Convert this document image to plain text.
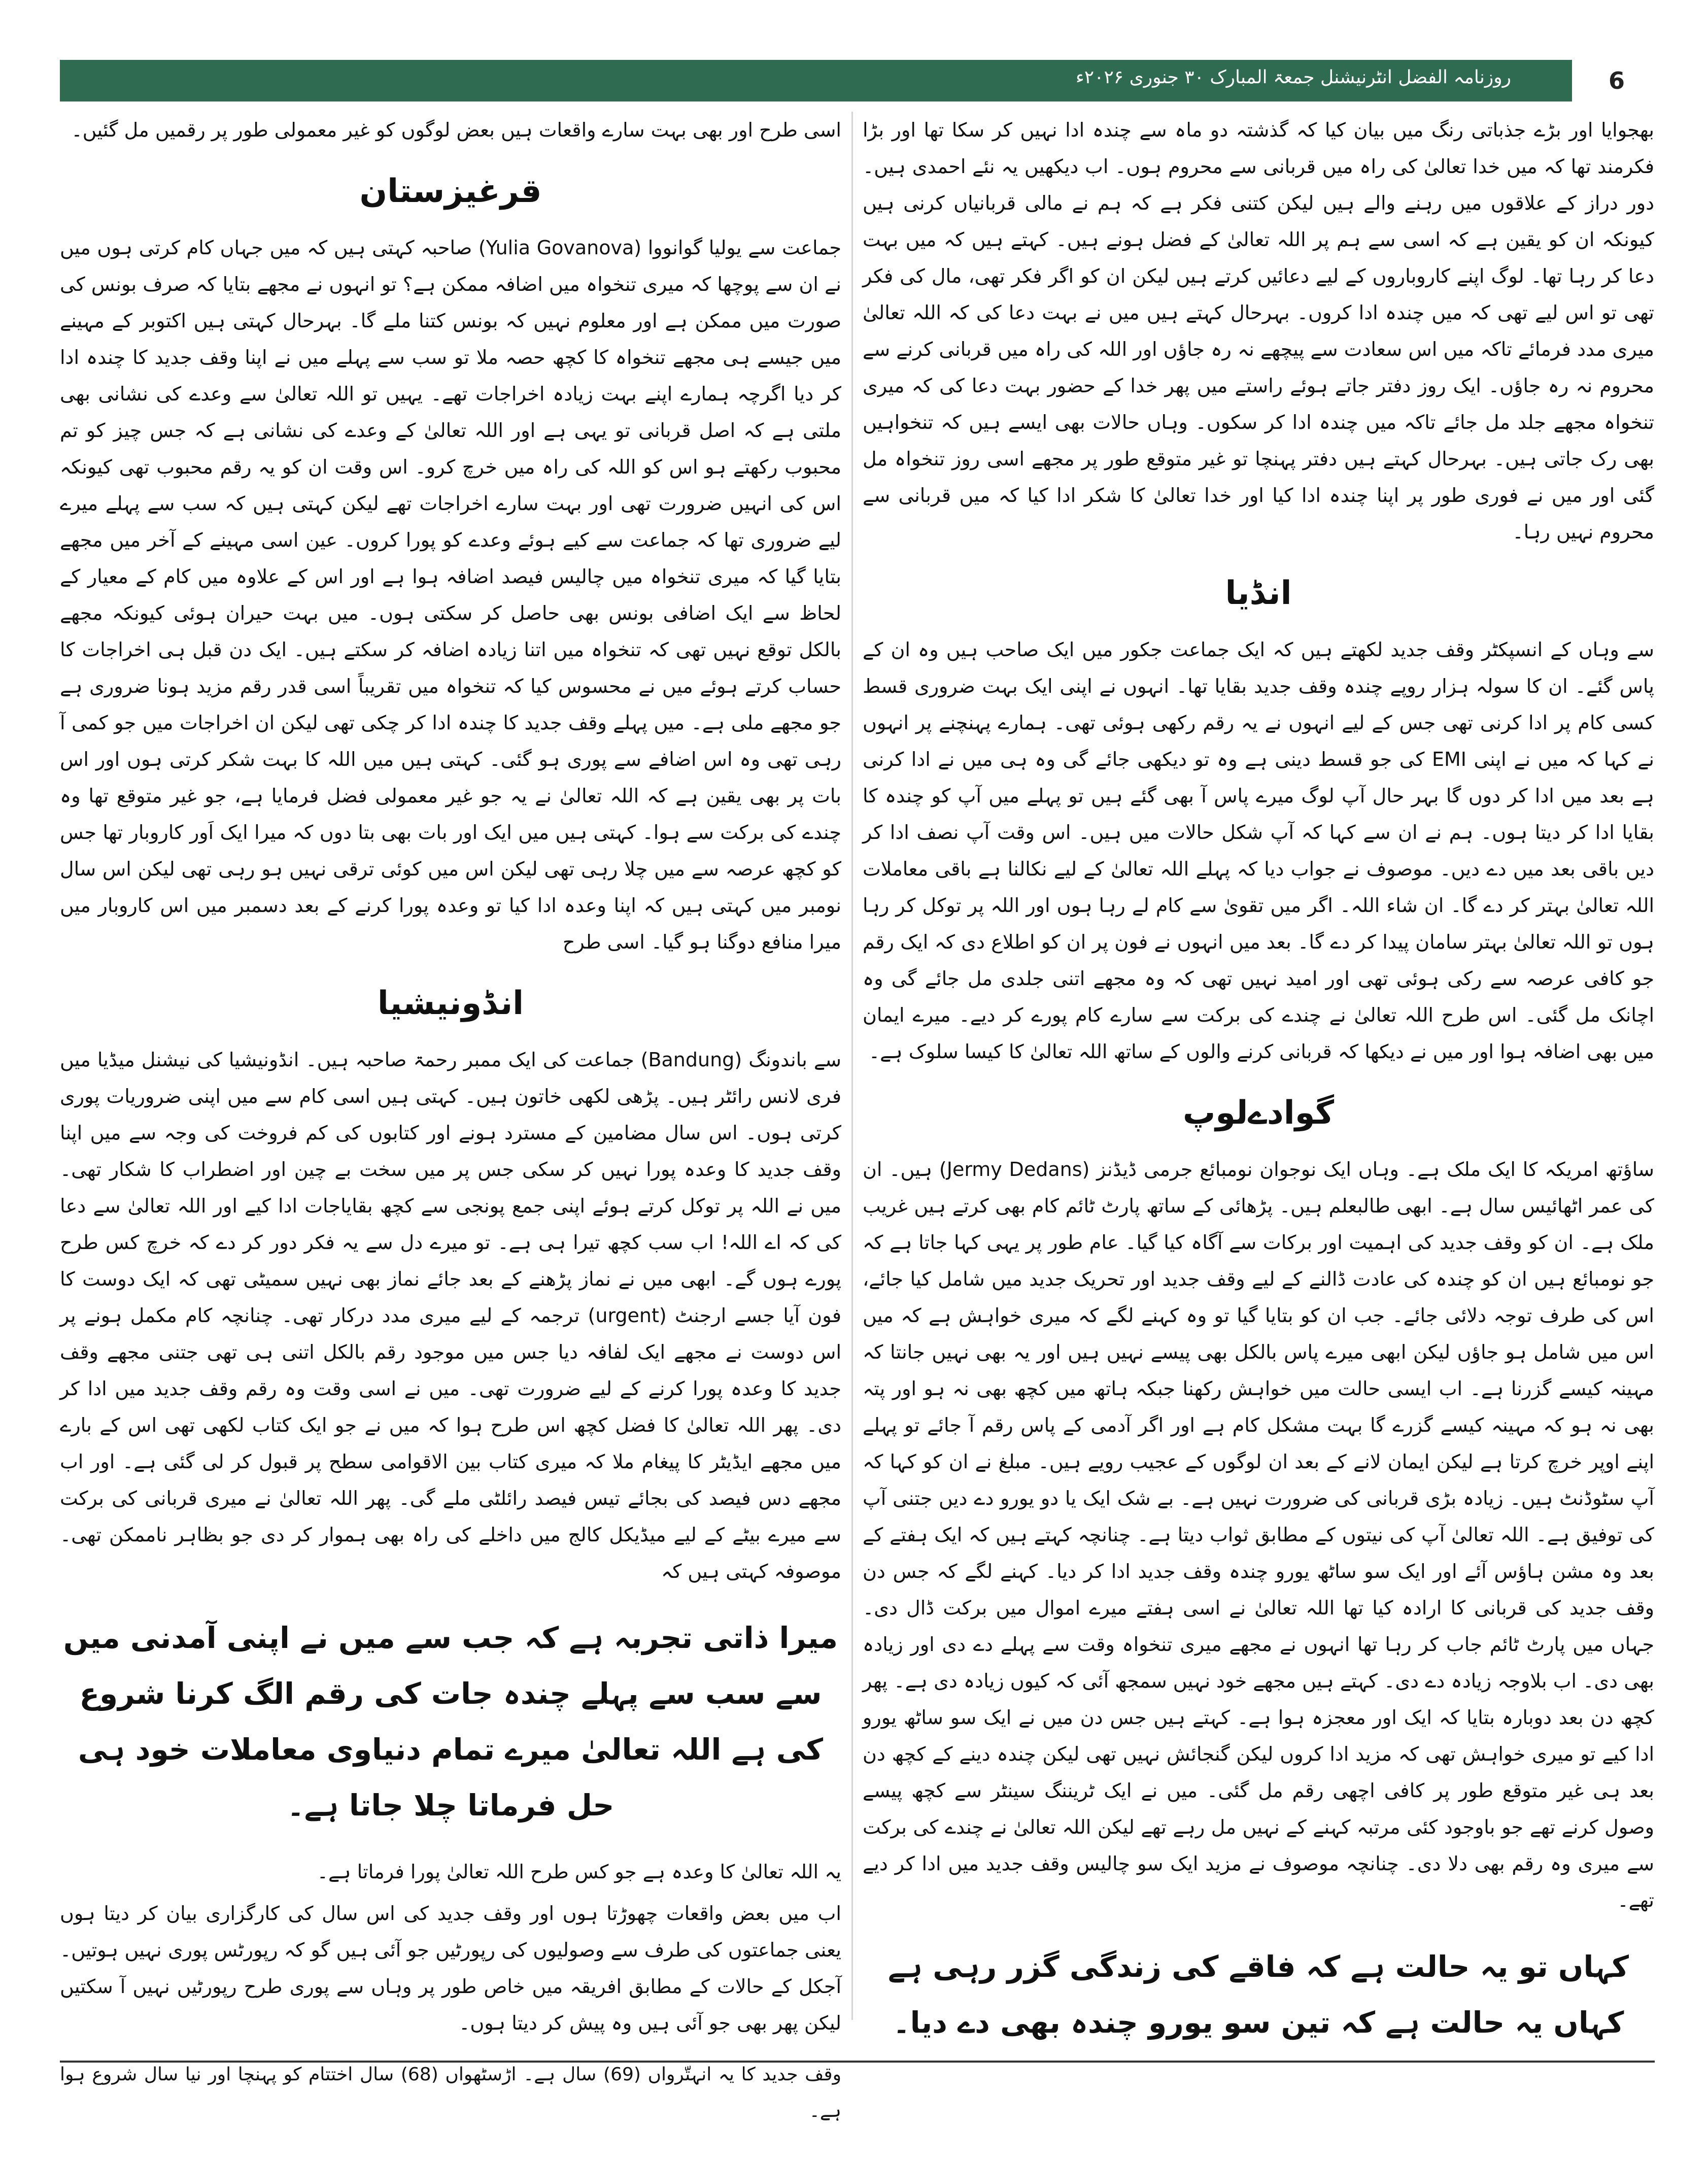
روزنامہ الفضل انٹرنیشنل جمعۃ المبارک ۳۰ جنوری ۲۰۲۶ء	6

بھجوایا اور بڑے جذباتی رنگ میں بیان کیا کہ گذشتہ دو ماہ سے چندہ ادا نہیں کر سکا تھا اور بڑا فکرمند تھا کہ میں خدا تعالیٰ کی راہ میں قربانی سے محروم ہوں۔ اب دیکھیں یہ نئے احمدی ہیں۔ دور دراز کے علاقوں میں رہنے والے ہیں لیکن کتنی فکر ہے کہ ہم نے مالی قربانیاں کرنی ہیں کیونکہ ان کو یقین ہے کہ اسی سے ہم پر اللہ تعالیٰ کے فضل ہونے ہیں۔ کہتے ہیں کہ میں بہت دعا کر رہا تھا۔ لوگ اپنے کاروباروں کے لیے دعائیں کرتے ہیں لیکن ان کو اگر فکر تھی، مال کی فکر تھی تو اس لیے تھی کہ میں چندہ ادا کروں۔ بہرحال کہتے ہیں میں نے بہت دعا کی کہ اللہ تعالیٰ میری مدد فرمائے تاکہ میں اس سعادت سے پیچھے نہ رہ جاؤں اور اللہ کی راہ میں قربانی کرنے سے محروم نہ رہ جاؤں۔ ایک روز دفتر جاتے ہوئے راستے میں پھر خدا کے حضور بہت دعا کی کہ میری تنخواہ مجھے جلد مل جائے تاکہ میں چندہ ادا کر سکوں۔ وہاں حالات بھی ایسے ہیں کہ تنخواہیں بھی رک جاتی ہیں۔ بہرحال کہتے ہیں دفتر پہنچا تو غیر متوقع طور پر مجھے اسی روز تنخواہ مل گئی اور میں نے فوری طور پر اپنا چندہ ادا کیا اور خدا تعالیٰ کا شکر ادا کیا کہ میں قربانی سے محروم نہیں رہا۔

انڈیا

سے وہاں کے انسپکٹر وقف جدید لکھتے ہیں کہ ایک جماعت جکور میں ایک صاحب ہیں وہ ان کے پاس گئے۔ ان کا سولہ ہزار روپے چندہ وقف جدید بقایا تھا۔ انہوں نے اپنی ایک بہت ضروری قسط کسی کام پر ادا کرنی تھی جس کے لیے انہوں نے یہ رقم رکھی ہوئی تھی۔ ہمارے پہنچنے پر انہوں نے کہا کہ میں نے اپنی EMI کی جو قسط دینی ہے وہ تو دیکھی جائے گی وہ ہی میں نے ادا کرنی ہے بعد میں ادا کر دوں گا بہر حال آپ لوگ میرے پاس آ بھی گئے ہیں تو پہلے میں آپ کو چندہ کا بقایا ادا کر دیتا ہوں۔ ہم نے ان سے کہا کہ آپ شکل حالات میں ہیں۔ اس وقت آپ نصف ادا کر دیں باقی بعد میں دے دیں۔ موصوف نے جواب دیا کہ پہلے اللہ تعالیٰ کے لیے نکالنا ہے باقی معاملات اللہ تعالیٰ بہتر کر دے گا۔ ان شاء اللہ۔ اگر میں تقویٰ سے کام لے رہا ہوں اور اللہ پر توکل کر رہا ہوں تو اللہ تعالیٰ بہتر سامان پیدا کر دے گا۔ بعد میں انہوں نے فون پر ان کو اطلاع دی کہ ایک رقم جو کافی عرصہ سے رکی ہوئی تھی اور امید نہیں تھی کہ وہ مجھے اتنی جلدی مل جائے گی وہ اچانک مل گئی۔ اس طرح اللہ تعالیٰ نے چندے کی برکت سے سارے کام پورے کر دیے۔ میرے ایمان میں بھی اضافہ ہوا اور میں نے دیکھا کہ قربانی کرنے والوں کے ساتھ اللہ تعالیٰ کا کیسا سلوک ہے۔

گوادےلوپ

ساؤتھ امریکہ کا ایک ملک ہے۔ وہاں ایک نوجوان نومبائع جرمی ڈیڈنز (Jermy Dedans) ہیں۔ ان کی عمر اٹھائیس سال ہے۔ ابھی طالبعلم ہیں۔ پڑھائی کے ساتھ پارٹ ٹائم کام بھی کرتے ہیں غریب ملک ہے۔ ان کو وقف جدید کی اہمیت اور برکات سے آگاہ کیا گیا۔ عام طور پر یہی کہا جاتا ہے کہ جو نومبائع ہیں ان کو چندہ کی عادت ڈالنے کے لیے وقف جدید اور تحریک جدید میں شامل کیا جائے، اس کی طرف توجہ دلائی جائے۔ جب ان کو بتایا گیا تو وہ کہنے لگے کہ میری خواہش ہے کہ میں اس میں شامل ہو جاؤں لیکن ابھی میرے پاس بالکل بھی پیسے نہیں ہیں اور یہ بھی نہیں جانتا کہ مہینہ کیسے گزرنا ہے۔ اب ایسی حالت میں خواہش رکھنا جبکہ ہاتھ میں کچھ بھی نہ ہو اور پتہ بھی نہ ہو کہ مہینہ کیسے گزرے گا بہت مشکل کام ہے اور اگر آدمی کے پاس رقم آ جائے تو پہلے اپنے اوپر خرچ کرتا ہے لیکن ایمان لانے کے بعد ان لوگوں کے عجیب رویے ہیں۔ مبلغ نے ان کو کہا کہ آپ سٹوڈنٹ ہیں۔ زیادہ بڑی قربانی کی ضرورت نہیں ہے۔ بے شک ایک یا دو یورو دے دیں جتنی آپ کی توفیق ہے۔ اللہ تعالیٰ آپ کی نیتوں کے مطابق ثواب دیتا ہے۔ چنانچہ کہتے ہیں کہ ایک ہفتے کے بعد وہ مشن ہاؤس آئے اور ایک سو ساٹھ یورو چندہ وقف جدید ادا کر دیا۔ کہنے لگے کہ جس دن وقف جدید کی قربانی کا ارادہ کیا تھا اللہ تعالیٰ نے اسی ہفتے میرے اموال میں برکت ڈال دی۔ جہاں میں پارٹ ٹائم جاب کر رہا تھا انہوں نے مجھے میری تنخواہ وقت سے پہلے دے دی اور زیادہ بھی دی۔ اب بلاوجہ زیادہ دے دی۔ کہتے ہیں مجھے خود نہیں سمجھ آئی کہ کیوں زیادہ دی ہے۔ پھر کچھ دن بعد دوبارہ بتایا کہ ایک اور معجزہ ہوا ہے۔ کہتے ہیں جس دن میں نے ایک سو ساٹھ یورو ادا کیے تو میری خواہش تھی کہ مزید ادا کروں لیکن گنجائش نہیں تھی لیکن چندہ دینے کے کچھ دن بعد ہی غیر متوقع طور پر کافی اچھی رقم مل گئی۔ میں نے ایک ٹریننگ سینٹر سے کچھ پیسے وصول کرنے تھے جو باوجود کئی مرتبہ کہنے کے نہیں مل رہے تھے لیکن اللہ تعالیٰ نے چندے کی برکت سے میری وہ رقم بھی دلا دی۔ چنانچہ موصوف نے مزید ایک سو چالیس وقف جدید میں ادا کر دیے تھے۔

کہاں تو یہ حالت ہے کہ فاقے کی زندگی گزر رہی ہے
کہاں یہ حالت ہے کہ تین سو یورو چندہ بھی دے دیا۔

اسی طرح اور بھی بہت سارے واقعات ہیں بعض لوگوں کو غیر معمولی طور پر رقمیں مل گئیں۔

قرغیزستان

جماعت سے یولیا گوانووا (Yulia Govanova) صاحبہ کہتی ہیں کہ میں جہاں کام کرتی ہوں میں نے ان سے پوچھا کہ میری تنخواہ میں اضافہ ممکن ہے؟ تو انہوں نے مجھے بتایا کہ صرف بونس کی صورت میں ممکن ہے اور معلوم نہیں کہ بونس کتنا ملے گا۔ بہرحال کہتی ہیں اکتوبر کے مہینے میں جیسے ہی مجھے تنخواہ کا کچھ حصہ ملا تو سب سے پہلے میں نے اپنا وقف جدید کا چندہ ادا کر دیا اگرچہ ہمارے اپنے بہت زیادہ اخراجات تھے۔ یہیں تو اللہ تعالیٰ سے وعدے کی نشانی بھی ملتی ہے کہ اصل قربانی تو یہی ہے اور اللہ تعالیٰ کے وعدے کی نشانی ہے کہ جس چیز کو تم محبوب رکھتے ہو اس کو اللہ کی راہ میں خرچ کرو۔ اس وقت ان کو یہ رقم محبوب تھی کیونکہ اس کی انہیں ضرورت تھی اور بہت سارے اخراجات تھے لیکن کہتی ہیں کہ سب سے پہلے میرے لیے ضروری تھا کہ جماعت سے کیے ہوئے وعدے کو پورا کروں۔ عین اسی مہینے کے آخر میں مجھے بتایا گیا کہ میری تنخواہ میں چالیس فیصد اضافہ ہوا ہے اور اس کے علاوہ میں کام کے معیار کے لحاظ سے ایک اضافی بونس بھی حاصل کر سکتی ہوں۔ میں بہت حیران ہوئی کیونکہ مجھے بالکل توقع نہیں تھی کہ تنخواہ میں اتنا زیادہ اضافہ کر سکتے ہیں۔ ایک دن قبل ہی اخراجات کا حساب کرتے ہوئے میں نے محسوس کیا کہ تنخواہ میں تقریباً اسی قدر رقم مزید ہونا ضروری ہے جو مجھے ملی ہے۔ میں پہلے وقف جدید کا چندہ ادا کر چکی تھی لیکن ان اخراجات میں جو کمی آ رہی تھی وہ اس اضافے سے پوری ہو گئی۔ کہتی ہیں میں اللہ کا بہت شکر کرتی ہوں اور اس بات پر بھی یقین ہے کہ اللہ تعالیٰ نے یہ جو غیر معمولی فضل فرمایا ہے، جو غیر متوقع تھا وہ چندے کی برکت سے ہوا۔ کہتی ہیں میں ایک اور بات بھی بتا دوں کہ میرا ایک اَور کاروبار تھا جس کو کچھ عرصہ سے میں چلا رہی تھی لیکن اس میں کوئی ترقی نہیں ہو رہی تھی لیکن اس سال نومبر میں کہتی ہیں کہ اپنا وعدہ ادا کیا تو وعدہ پورا کرنے کے بعد دسمبر میں اس کاروبار میں میرا منافع دوگنا ہو گیا۔ اسی طرح

انڈونیشیا

سے باندونگ (Bandung) جماعت کی ایک ممبر رحمۃ صاحبہ ہیں۔ انڈونیشیا کی نیشنل میڈیا میں فری لانس رائٹر ہیں۔ پڑھی لکھی خاتون ہیں۔ کہتی ہیں اسی کام سے میں اپنی ضروریات پوری کرتی ہوں۔ اس سال مضامین کے مسترد ہونے اور کتابوں کی کم فروخت کی وجہ سے میں اپنا وقف جدید کا وعدہ پورا نہیں کر سکی جس پر میں سخت بے چین اور اضطراب کا شکار تھی۔ میں نے اللہ پر توکل کرتے ہوئے اپنی جمع پونجی سے کچھ بقایاجات ادا کیے اور اللہ تعالیٰ سے دعا کی کہ اے اللہ! اب سب کچھ تیرا ہی ہے۔ تو میرے دل سے یہ فکر دور کر دے کہ خرچ کس طرح پورے ہوں گے۔ ابھی میں نے نماز پڑھنے کے بعد جائے نماز بھی نہیں سمیٹی تھی کہ ایک دوست کا فون آیا جسے ارجنٹ (urgent) ترجمہ کے لیے میری مدد درکار تھی۔ چنانچہ کام مکمل ہونے پر اس دوست نے مجھے ایک لفافہ دیا جس میں موجود رقم بالکل اتنی ہی تھی جتنی مجھے وقف جدید کا وعدہ پورا کرنے کے لیے ضرورت تھی۔ میں نے اسی وقت وہ رقم وقف جدید میں ادا کر دی۔ پھر اللہ تعالیٰ کا فضل کچھ اس طرح ہوا کہ میں نے جو ایک کتاب لکھی تھی اس کے بارے میں مجھے ایڈیٹر کا پیغام ملا کہ میری کتاب بین الاقوامی سطح پر قبول کر لی گئی ہے۔ اور اب مجھے دس فیصد کی بجائے تیس فیصد رائلٹی ملے گی۔ پھر اللہ تعالیٰ نے میری قربانی کی برکت سے میرے بیٹے کے لیے میڈیکل کالج میں داخلے کی راہ بھی ہموار کر دی جو بظاہر ناممکن تھی۔ موصوفہ کہتی ہیں کہ

میرا ذاتی تجربہ ہے کہ جب سے میں نے اپنی آمدنی میں سے سب سے پہلے چندہ جات کی رقم الگ کرنا شروع کی ہے اللہ تعالیٰ میرے تمام دنیاوی معاملات خود ہی حل فرماتا چلا جاتا ہے۔

یہ اللہ تعالیٰ کا وعدہ ہے جو کس طرح اللہ تعالیٰ پورا فرماتا ہے۔

اب میں بعض واقعات چھوڑتا ہوں اور وقف جدید کی اس سال کی کارگزاری بیان کر دیتا ہوں یعنی جماعتوں کی طرف سے وصولیوں کی رپورٹیں جو آئی ہیں گو کہ رپورٹس پوری نہیں ہوتیں۔ آجکل کے حالات کے مطابق افریقہ میں خاص طور پر وہاں سے پوری طرح رپورٹیں نہیں آ سکتیں لیکن پھر بھی جو آئی ہیں وہ پیش کر دیتا ہوں۔

وقف جدید کا یہ انہتّرواں (69) سال ہے۔ اڑسٹھواں (68) سال اختتام کو پہنچا اور نیا سال شروع ہوا ہے۔
